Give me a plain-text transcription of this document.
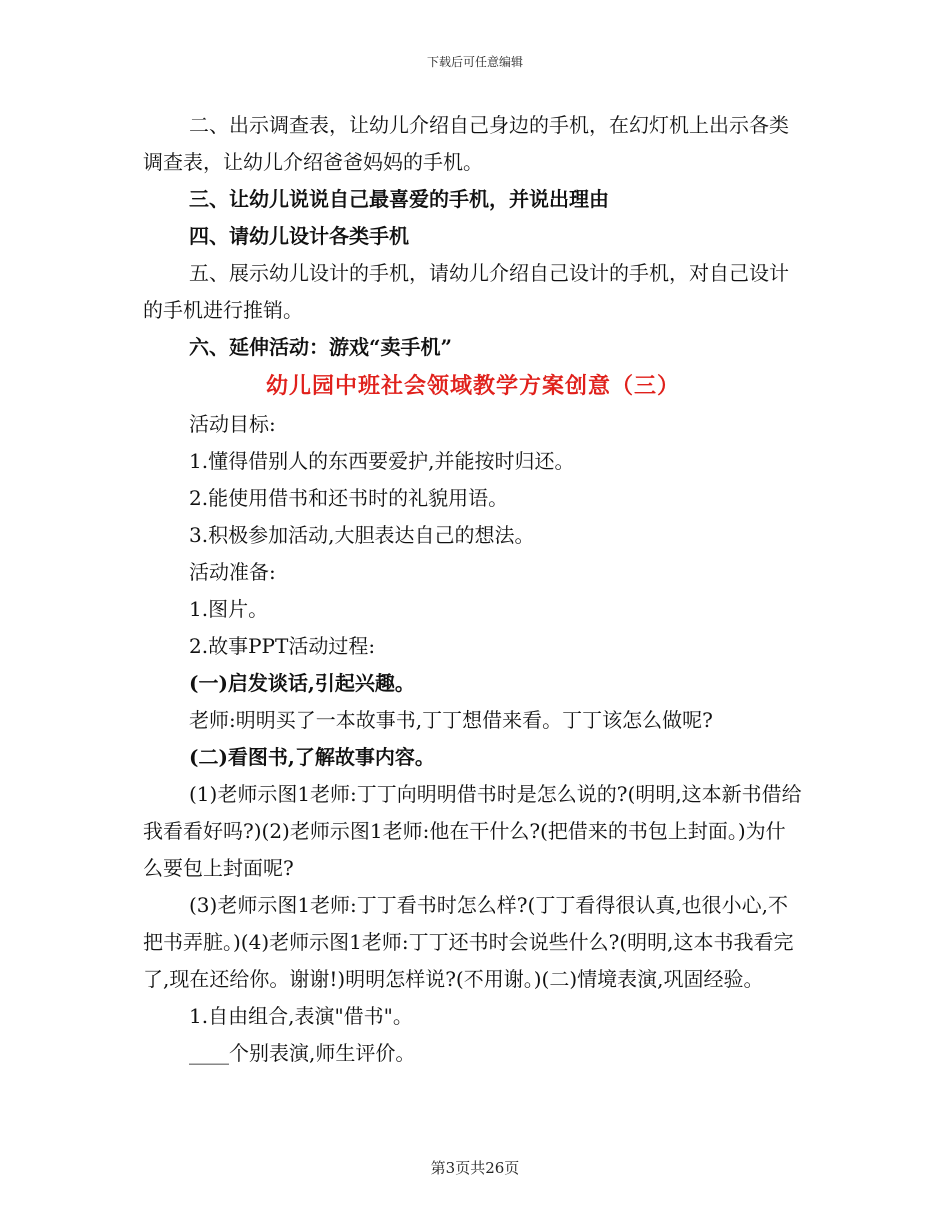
下载后可任意编辑

二、出示调查表，让幼儿介绍自己身边的手机，在幻灯机上出示各类调查表，让幼儿介绍爸爸妈妈的手机。

三、让幼儿说说自己最喜爱的手机，并说出理由

四、请幼儿设计各类手机

五、展示幼儿设计的手机，请幼儿介绍自己设计的手机，对自己设计的手机进行推销。

六、延伸活动：游戏“卖手机”

幼儿园中班社会领域教学方案创意（三）

活动目标:

1.懂得借别人的东西要爱护,并能按时归还。

2.能使用借书和还书时的礼貌用语。

3.积极参加活动,大胆表达自己的想法。

活动准备:

1.图片。

2.故事PPT活动过程:

(一)启发谈话,引起兴趣。

老师:明明买了一本故事书,丁丁想借来看。丁丁该怎么做呢?

(二)看图书,了解故事内容。

(1)老师示图1老师:丁丁向明明借书时是怎么说的?(明明,这本新书借给我看看好吗?)(2)老师示图1老师:他在干什么?(把借来的书包上封面。)为什么要包上封面呢?

(3)老师示图1老师:丁丁看书时怎么样?(丁丁看得很认真,也很小心,不把书弄脏。)(4)老师示图1老师:丁丁还书时会说些什么?(明明,这本书我看完了,现在还给你。谢谢!)明明怎样说?(不用谢。)(二)情境表演,巩固经验。

1.自由组合,表演"借书"。

____个别表演,师生评价。

第3页共26页
